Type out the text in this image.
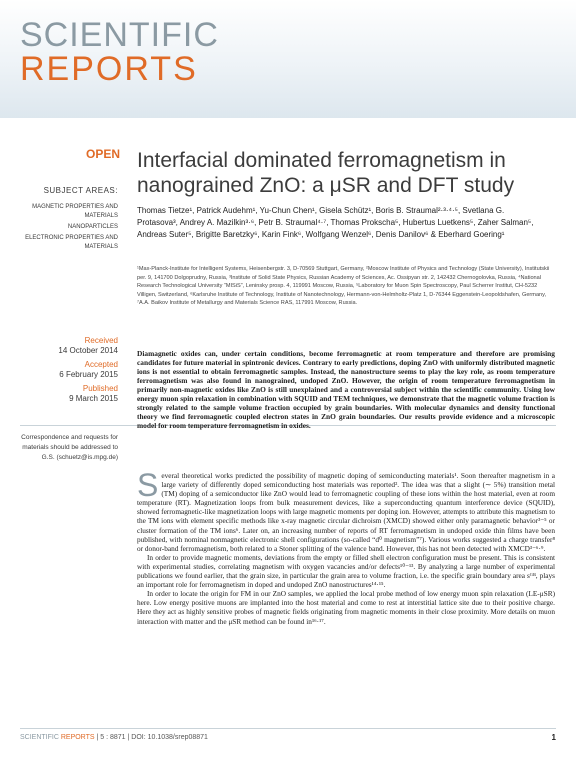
SCIENTIFIC
REPORTS
OPEN
SUBJECT AREAS:
MAGNETIC PROPERTIES AND MATERIALS
NANOPARTICLES
ELECTRONIC PROPERTIES AND MATERIALS
Received
14 October 2014
Accepted
6 February 2015
Published
9 March 2015
Correspondence and requests for materials should be addressed to G.S. (schuetz@is.mpg.de)
Interfacial dominated ferromagnetism in nanograined ZnO: a μSR and DFT study
Thomas Tietze¹, Patrick Audehm¹, Yu-Chun Chen¹, Gisela Schütz¹, Boris B. Straumal²·³·⁴·⁵, Svetlana G. Protasova³, Andrey A. Mazilkin³·⁶, Petr B. Straumal⁴·⁷, Thomas Prokscha⁵, Hubertus Luetkens⁵, Zaher Salman⁵, Andreas Suter⁵, Brigitte Baretzky⁶, Karin Fink⁶, Wolfgang Wenzel⁶, Denis Danilov⁶ & Eberhard Goering¹
¹Max-Planck-Institute for Intelligent Systems, Heisenbergstr. 3, D-70569 Stuttgart, Germany, ²Moscow Institute of Physics and Technology (State University), Institutskii per. 9, 141700 Dolgoprudny, Russia, ³Institute of Solid State Physics, Russian Academy of Sciences, Ac. Ossipyan str. 2, 142432 Chernogolovka, Russia, ⁴National Research Technological University “MISiS”, Leninsky prosp. 4, 119991 Moscow, Russia, ⁵Laboratory for Muon Spin Spectroscopy, Paul Scherrer Institut, CH-5232 Villigen, Switzerland, ⁶Karlsruhe Institute of Technology, Institute of Nanotechnology, Hermann-von-Helmholtz-Platz 1, D-76344 Eggenstein-Leopoldshafen, Germany, ⁷A.A. Baikov Institute of Metallurgy and Materials Science RAS, 117991 Moscow, Russia.
Diamagnetic oxides can, under certain conditions, become ferromagnetic at room temperature and therefore are promising candidates for future material in spintronic devices. Contrary to early predictions, doping ZnO with uniformly distributed magnetic ions is not essential to obtain ferromagnetic samples. Instead, the nanostructure seems to play the key role, as room temperature ferromagnetism was also found in nanograined, undoped ZnO. However, the origin of room temperature ferromagnetism in primarily non-magnetic oxides like ZnO is still unexplained and a controversial subject within the scientific community. Using low energy muon spin relaxation in combination with SQUID and TEM techniques, we demonstrate that the magnetic volume fraction is strongly related to the sample volume fraction occupied by grain boundaries. With molecular dynamics and density functional theory we find ferromagnetic coupled electron states in ZnO grain boundaries. Our results provide evidence and a microscopic model for room temperature ferromagnetism in oxides.

Several theoretical works predicted the possibility of magnetic doping of semiconducting materials¹. Soon thereafter magnetism in a large variety of differently doped semiconducting host materials was reported². The idea was that a slight (∼ 5%) transition metal (TM) doping of a semiconductor like ZnO would lead to ferromagnetic coupling of these ions within the host material, even at room temperature (RT). Magnetization loops from bulk measurement devices, like a superconducting quantum interference device (SQUID), showed ferromagnetic-like magnetization loops with large magnetic moments per doping ion. However, attempts to attribute this magnetism to the TM ions with element specific methods like x-ray magnetic circular dichroism (XMCD) showed either only paramagnetic behavior³⁻⁵ or cluster formation of the TM ions⁶. Later on, an increasing number of reports of RT ferromagnetism in undoped oxide thin films have been published, with nominal nonmagnetic electronic shell configurations (so-called “d⁰ magnetism”⁷). Various works suggested a charge transfer⁸ or donor-band ferromagnetism, both related to a Stoner splitting of the valence band. However, this has not been detected with XMCD³⁻⁶·⁹.

In order to provide magnetic moments, deviations from the empty or filled shell electron configuration must be present. This is consistent with experimental studies, correlating magnetism with oxygen vacancies and/or defects¹⁰⁻¹³. By analyzing a large number of experimental publications we found earlier, that the grain size, in particular the grain area to volume fraction, i.e. the specific grain boundary area sᴳᴮ, plays an important role for ferromagnetism in doped and undoped ZnO nanostructures¹⁴·¹⁵.

In order to locate the origin for FM in our ZnO samples, we applied the local probe method of low energy muon spin relaxation (LE-μSR) here. Low energy positive muons are implanted into the host material and come to rest at interstitial lattice site due to their positive charge. Here they act as highly sensitive probes of magnetic fields originating from magnetic moments in their close proximity. More details on muon interaction with matter and the μSR method can be found in¹⁶·¹⁷.

SCIENTIFIC REPORTS | 5 : 8871 | DOI: 10.1038/srep08871	1
